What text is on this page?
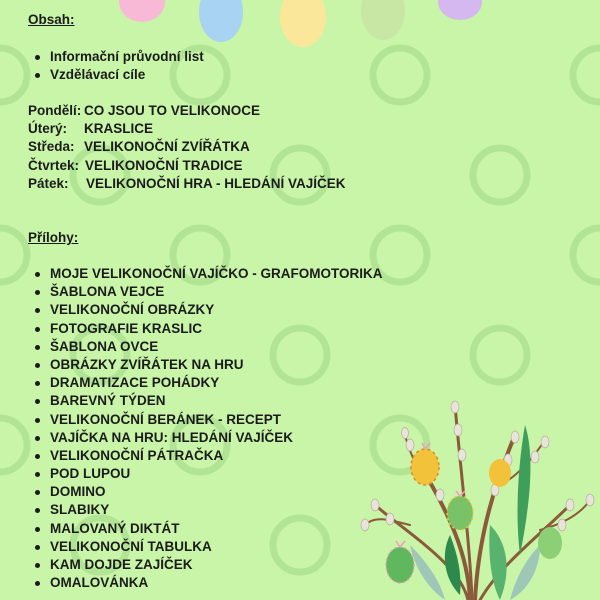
Obsah:
Informační průvodní list
Vzdělávací cíle
Pondělí: CO JSOU TO VELIKONOCE
Úterý: KRASLICE
Středa: VELIKONOČNÍ ZVÍŘÁTKA
Čtvrtek: VELIKONOČNÍ TRADICE
Pátek: VELIKONOČNÍ HRA - HLEDÁNÍ VAJÍČEK
Přílohy:
MOJE VELIKONOČNÍ VAJÍČKO - GRAFOMOTORIKA
ŠABLONA VEJCE
VELIKONOČNÍ OBRÁZKY
FOTOGRAFIE KRASLIC
ŠABLONA OVCE
OBRÁZKY ZVÍŘÁTEK NA HRU
DRAMATIZACE POHÁDKY
BAREVNÝ TÝDEN
VELIKONOČNÍ BERÁNEK - RECEPT
VAJÍČKA NA HRU: HLEDÁNÍ VAJÍČEK
VELIKONOČNÍ PÁTRAČKA
POD LUPOU
DOMINO
SLABIKY
MALOVANÝ DIKTÁT
VELIKONOČNÍ TABULKA
KAM DOJDE ZAJÍČEK
OMALOVÁNKA
